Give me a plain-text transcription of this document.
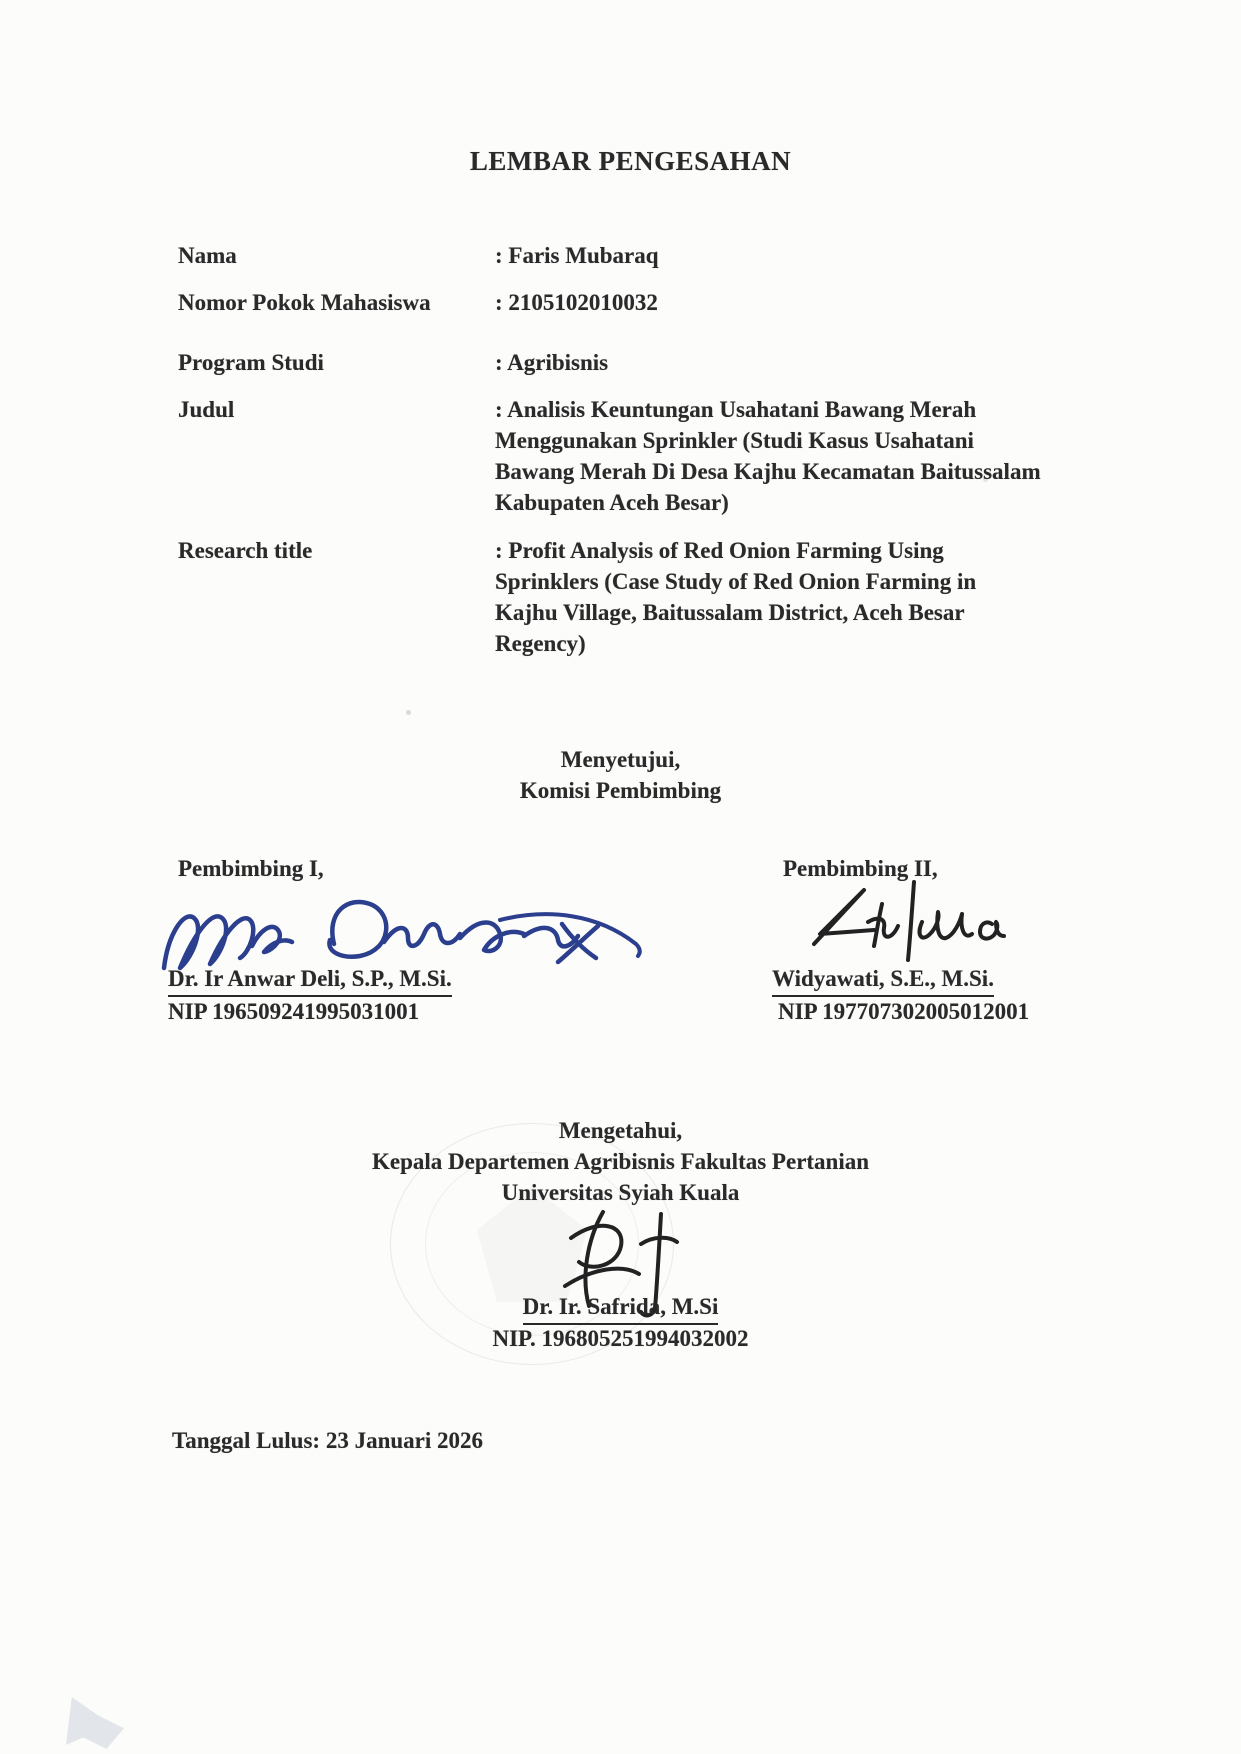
LEMBAR PENGESAHAN
Nama	: Faris Mubaraq
Nomor Pokok Mahasiswa	: 2105102010032
Program Studi	: Agribisnis
Judul	: Analisis Keuntungan Usahatani Bawang Merah
Menggunakan Sprinkler (Studi Kasus Usahatani
Bawang Merah Di Desa Kajhu Kecamatan Baitussalam
Kabupaten Aceh Besar)
Research title	: Profit Analysis of Red Onion Farming Using
Sprinklers (Case Study of Red Onion Farming in
Kajhu Village, Baitussalam District, Aceh Besar
Regency)
Menyetujui,
Komisi Pembimbing
Pembimbing I,
Dr. Ir Anwar Deli, S.P., M.Si.
NIP 196509241995031001
Pembimbing II,
Widyawati, S.E., M.Si.
NIP 197707302005012001
Mengetahui,
Kepala Departemen Agribisnis Fakultas Pertanian
Universitas Syiah Kuala
Dr. Ir. Safrida, M.Si
NIP. 196805251994032002
Tanggal Lulus: 23 Januari 2026
